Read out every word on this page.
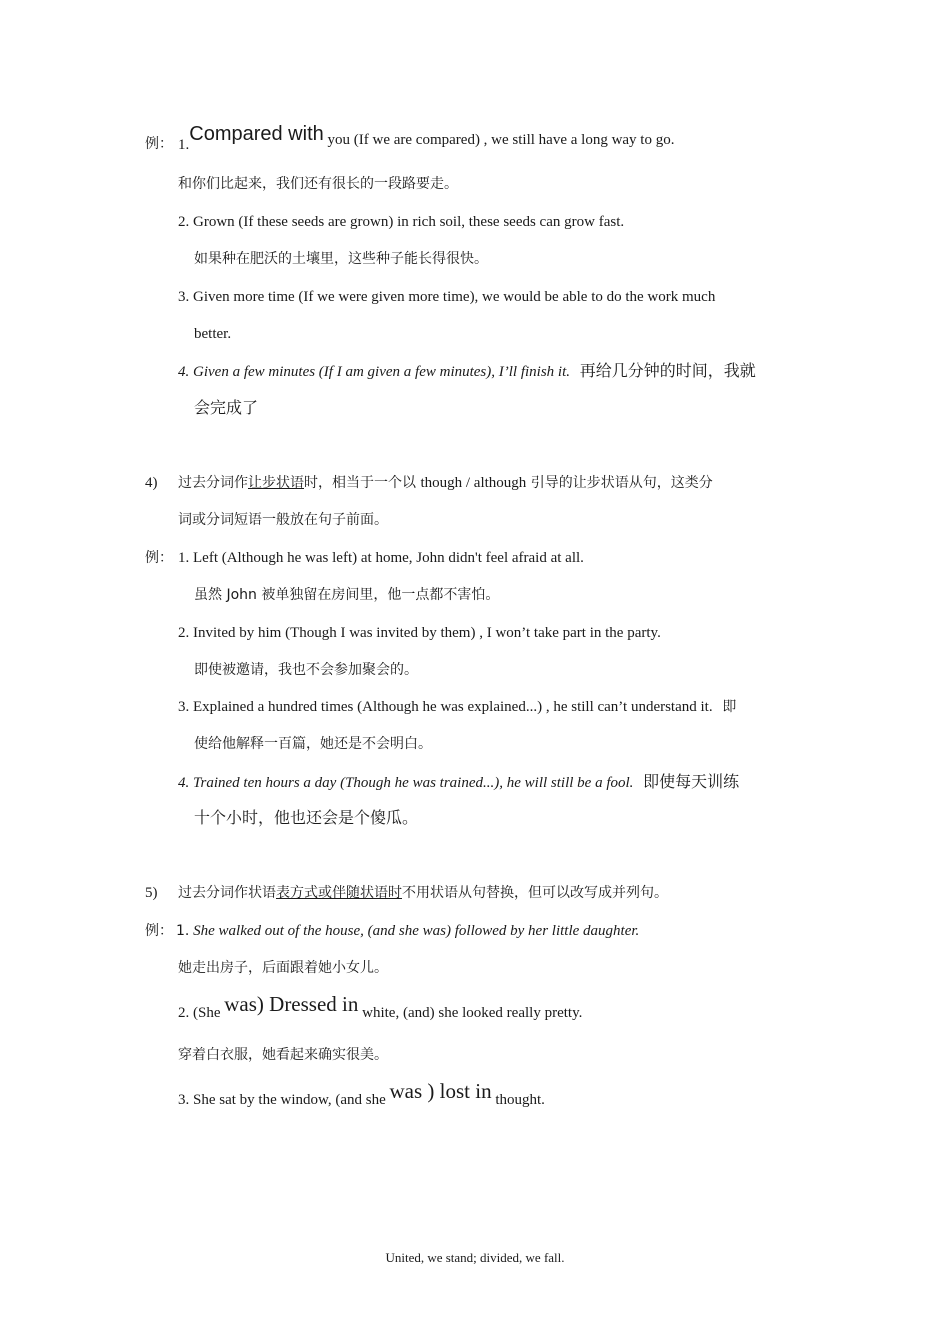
例： 1.Compared with you (If we are compared) , we still have a long way to go.
和你们比起来，我们还有很长的一段路要走。
2. Grown (If these seeds are grown) in rich soil, these seeds can grow fast.
如果种在肥沃的土壤里，这些种子能长得很快。
3. Given more time (If we were given more time), we would be able to do the work much
better.
4. Given a few minutes (If I am given a few minutes), I’ll finish it. 再给几分钟的时间，我就
会完成了
4) 过去分词作让步状语时，相当于一个以 though / although 引导的让步状语从句，这类分
词或分词短语一般放在句子前面。
例： 1. Left (Although he was left) at home, John didn't feel afraid at all.
虽然 John 被单独留在房间里，他一点都不害怕。
2. Invited by him (Though I was invited by them) , I won’t take part in the party.
即使被邀请，我也不会参加聚会的。
3. Explained a hundred times (Although he was explained...) , he still can’t understand it. 即
使给他解释一百篇，她还是不会明白。
4. Trained ten hours a day (Though he was trained...), he will still be a fool. 即使每天训练
十个小时，他也还会是个傻瓜。
5) 过去分词作状语表方式或伴随状语时不用状语从句替换，但可以改写成并列句。
例： 1. She walked out of the house, (and she was) followed by her little daughter.
她走出房子，后面跟着她小女儿。
2. (She was) Dressed in white, (and) she looked really pretty.
穿着白衣服，她看起来确实很美。
3. She sat by the window, (and she was ) lost in thought.
United, we stand; divided, we fall.
